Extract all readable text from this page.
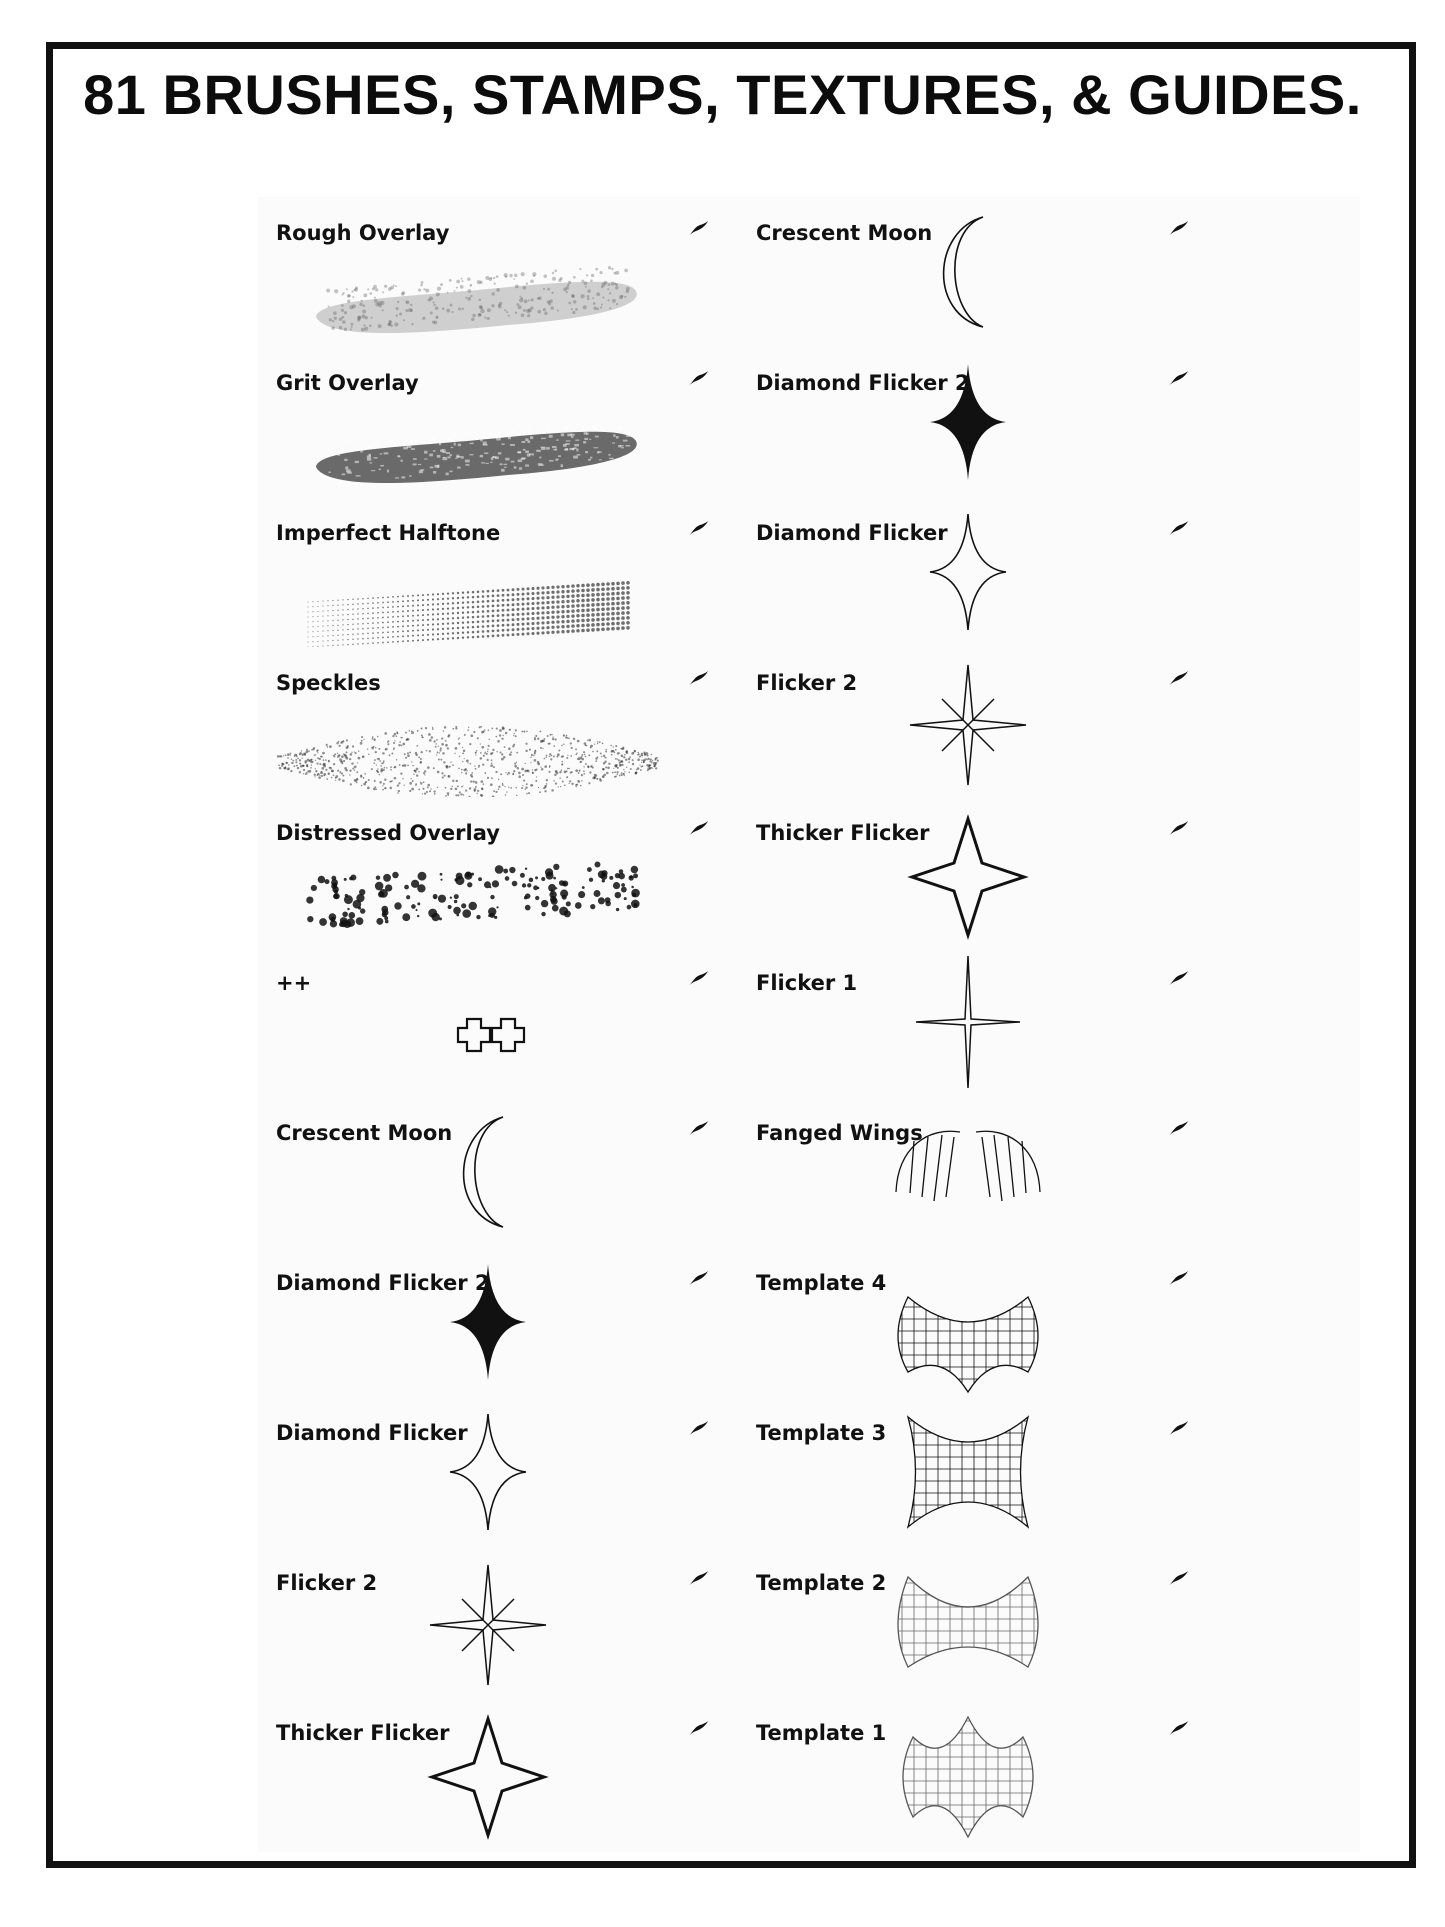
81 BRUSHES, STAMPS, TEXTURES, & GUIDES.
Rough Overlay
Grit Overlay
Imperfect Halftone
Speckles
Distressed Overlay
++
Crescent Moon
Diamond Flicker 2
Diamond Flicker
Flicker 2
Thicker Flicker
Crescent Moon
Diamond Flicker 2
Diamond Flicker
Flicker 2
Thicker Flicker
Flicker 1
Fanged Wings
Template 4
Template 3
Template 2
Template 1
